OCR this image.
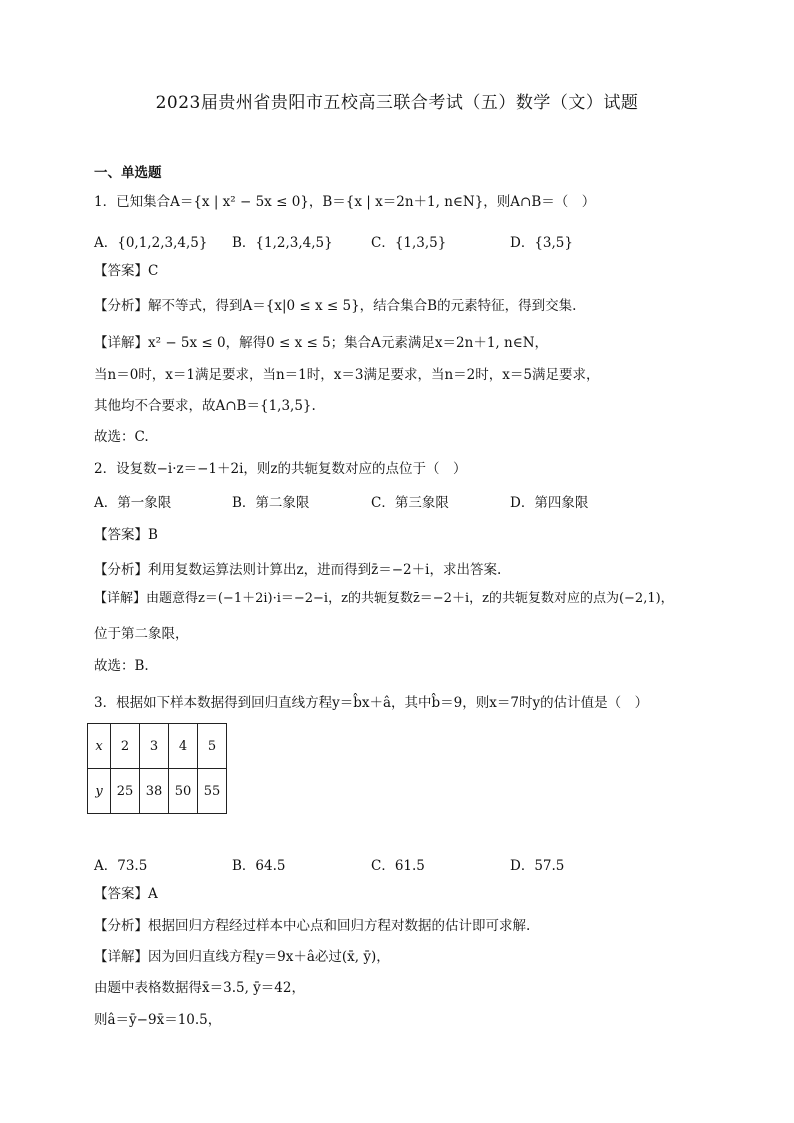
2023届贵州省贵阳市五校高三联合考试（五）数学（文）试题
一、单选题
1．已知集合A＝{x | x² − 5x ≤ 0}，B＝{x | x＝2n＋1, n∈N}，则A∩B＝（　）
A．{0,1,2,3,4,5} B．{1,2,3,4,5}	C．{1,3,5}	D．{3,5}
【答案】C
【分析】解不等式，得到A＝{x|0 ≤ x ≤ 5}，结合集合B的元素特征，得到交集.
【详解】x² − 5x ≤ 0，解得0 ≤ x ≤ 5；集合A元素满足x＝2n＋1, n∈N，
当n＝0时，x＝1满足要求，当n＝1时，x＝3满足要求，当n＝2时，x＝5满足要求，
其他均不合要求，故A∩B＝{1,3,5}.
故选：C.
2．设复数−i·z＝−1＋2i，则z的共轭复数对应的点位于（　）
A．第一象限	B．第二象限	C．第三象限	D．第四象限
【答案】B
【分析】利用复数运算法则计算出z，进而得到z̄＝−2＋i，求出答案.
【详解】由题意得z＝(−1＋2i)·i＝−2−i，z的共轭复数z̄＝−2＋i，z的共轭复数对应的点为(−2,1)，
位于第二象限，
故选：B.
3．根据如下样本数据得到回归直线方程y＝b̂x＋â，其中b̂＝9，则x＝7时y的估计值是（　）
x	2	3	4	5
y	25	38	50	55
A．73.5	B．64.5	C．61.5	D．57.5
【答案】A
【分析】根据回归方程经过样本中心点和回归方程对数据的估计即可求解.
【详解】因为回归直线方程y＝9x＋â必过(x̄, ȳ)，
由题中表格数据得x̄＝3.5, ȳ＝42，
则â＝ȳ−9x̄＝10.5，
